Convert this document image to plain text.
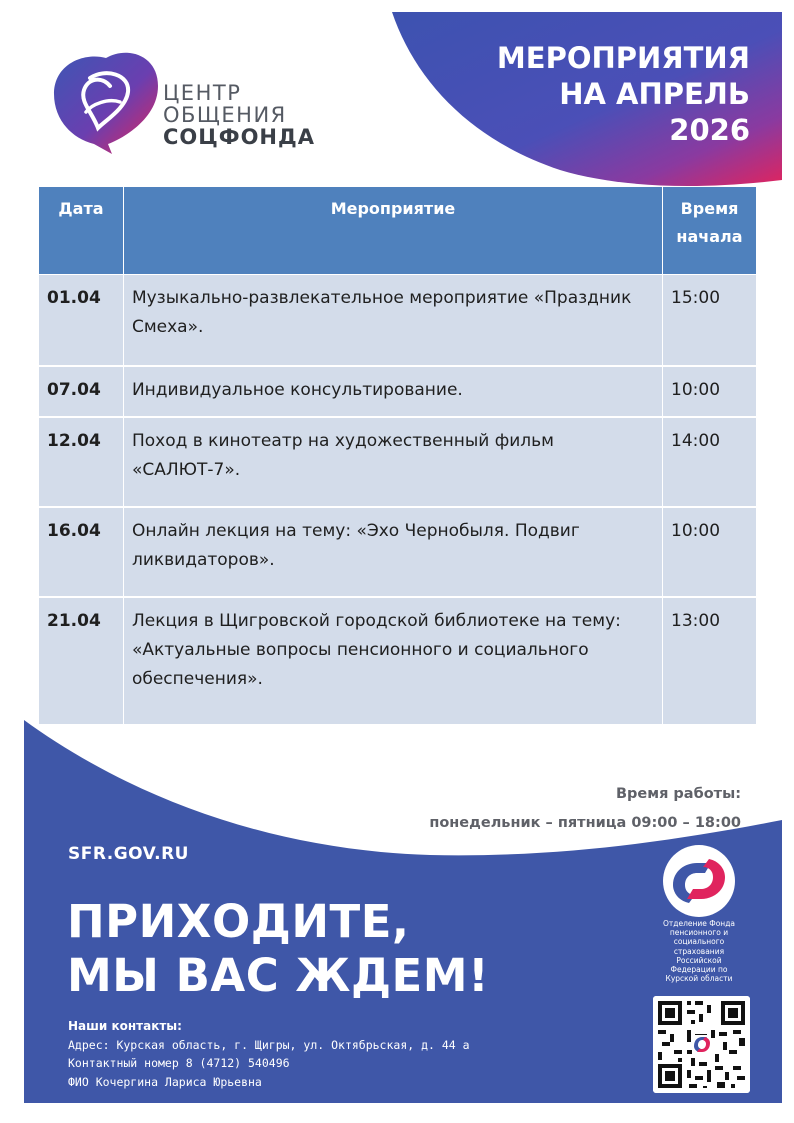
ЦЕНТР
ОБЩЕНИЯ
СОЦФОНДА
МЕРОПРИЯТИЯ
НА АПРЕЛЬ
2026
Дата	Мероприятие	Время начала
01.04	Музыкально-развлекательное мероприятие «Праздник Смеха».	15:00
07.04	Индивидуальное консультирование.	10:00
12.04	Поход в кинотеатр на художественный фильм «САЛЮТ-7».	14:00
16.04	Онлайн лекция на тему: «Эхо Чернобыля. Подвиг ликвидаторов».	10:00
21.04	Лекция в Щигровской городской библиотеке на тему: «Актуальные вопросы пенсионного и социального обеспечения».	13:00
Время работы:
понедельник – пятница 09:00 – 18:00
SFR.GOV.RU
ПРИХОДИТЕ,
МЫ ВАС ЖДЕМ!
Наши контакты:
Адрес: Курская область, г. Щигры, ул. Октябрьская, д. 44 а
Контактный номер 8 (4712) 540496
ФИО Кочергина Лариса Юрьевна
Отделение Фонда
пенсионного и
социального
страхования
Российской
Федерации по
Курской области
